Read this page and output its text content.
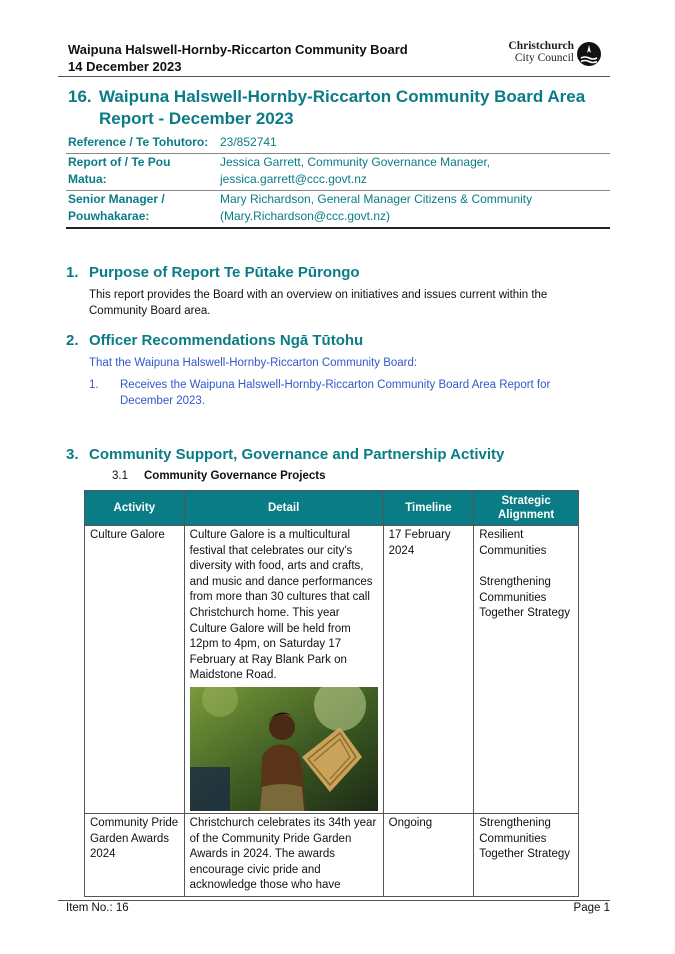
Waipuna Halswell-Hornby-Riccarton Community Board
14 December 2023
Christchurch
City Council
16. Waipuna Halswell-Hornby-Riccarton Community Board Area Report - December 2023
Reference / Te Tohutoro: 23/852741
Report of / Te Pou Matua:
Jessica Garrett, Community Governance Manager, jessica.garrett@ccc.govt.nz
Senior Manager / Pouwhakarae:
Mary Richardson, General Manager Citizens & Community (Mary.Richardson@ccc.govt.nz)
1. Purpose of Report Te Pūtake Pūrongo
This report provides the Board with an overview on initiatives and issues current within the Community Board area.
2. Officer Recommendations Ngā Tūtohu
That the Waipuna Halswell-Hornby-Riccarton Community Board:
1. Receives the Waipuna Halswell-Hornby-Riccarton Community Board Area Report for December 2023.
3. Community Support, Governance and Partnership Activity
3.1 Community Governance Projects
Activity	Detail	Timeline	Strategic Alignment
Culture Galore	Culture Galore is a multicultural festival that celebrates our city's diversity with food, arts and crafts, and music and dance performances from more than 30 cultures that call Christchurch home. This year Culture Galore will be held from 12pm to 4pm, on Saturday 17 February at Ray Blank Park on Maidstone Road.	17 February 2024	Resilient Communities
Strengthening Communities Together Strategy

Community Pride Garden Awards 2024	Christchurch celebrates its 34th year of the Community Pride Garden Awards in 2024. The awards encourage civic pride and acknowledge those who have	Ongoing	Strengthening Communities Together Strategy
Item No.: 16	Page 1
